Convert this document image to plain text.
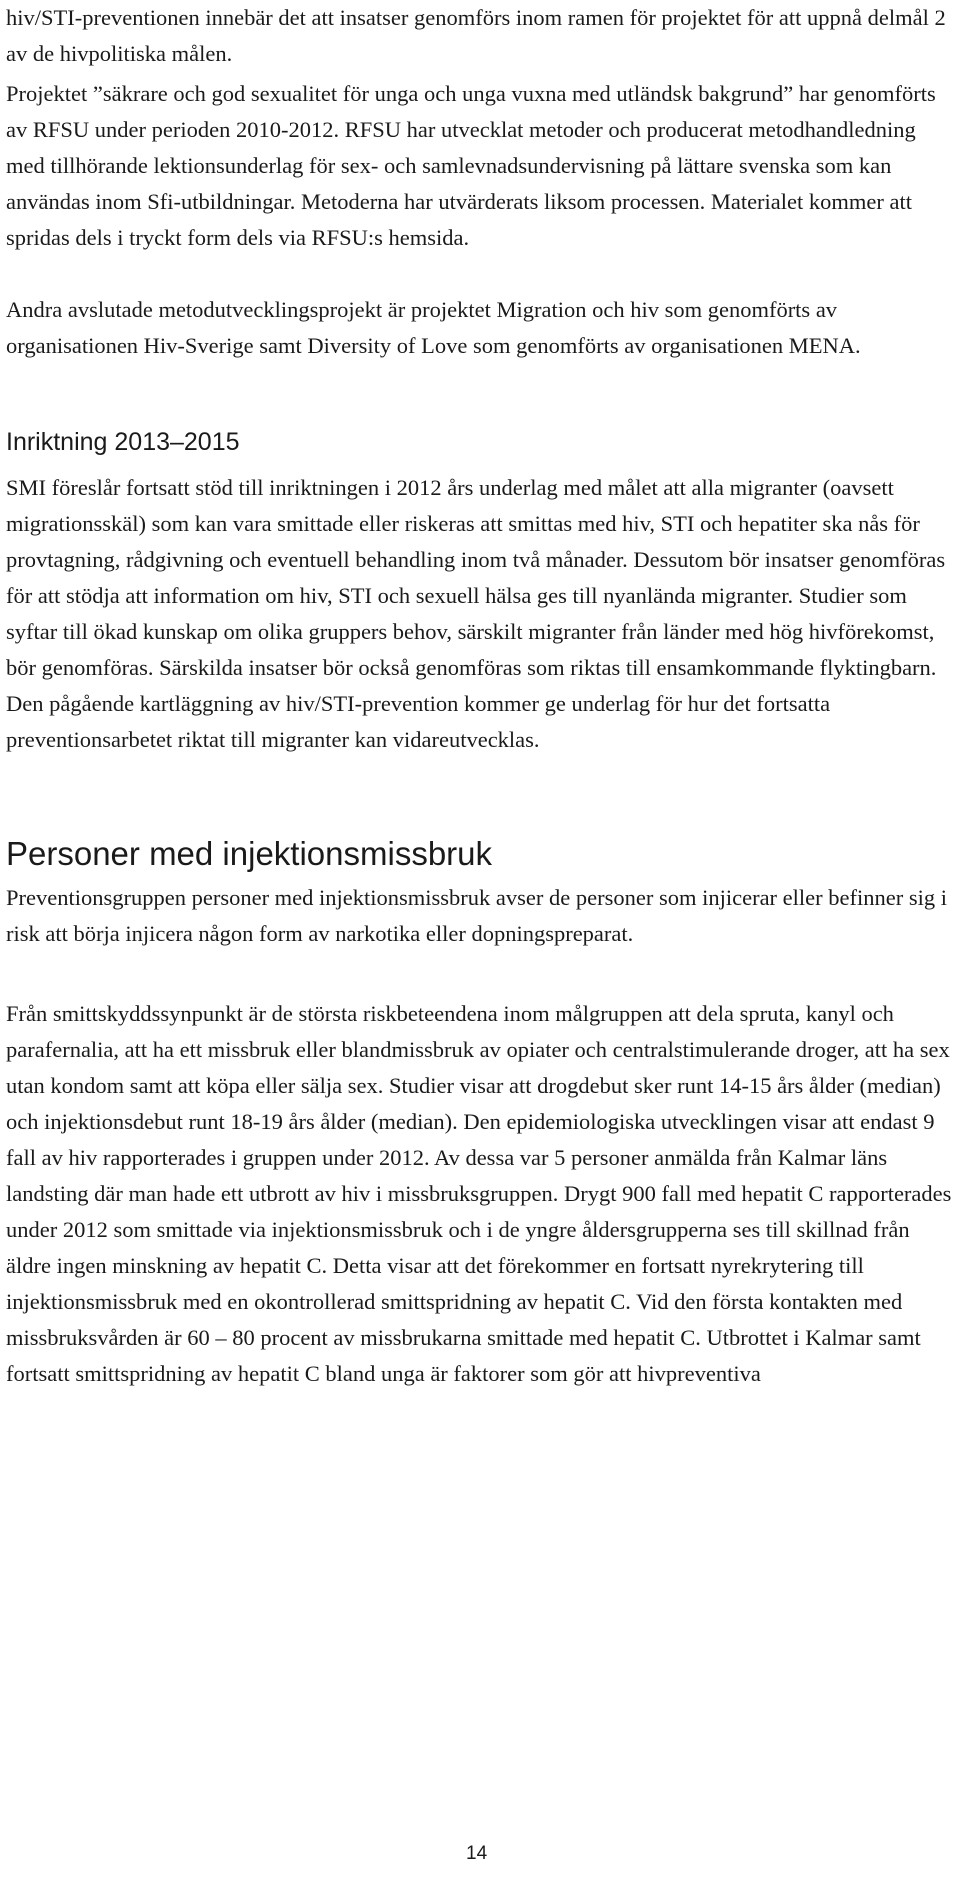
hiv/STI-preventionen innebär det att insatser genomförs inom ramen för projektet för att uppnå delmål 2 av de hivpolitiska målen.

Projektet ”säkrare och god sexualitet för unga och unga vuxna med utländsk bakgrund” har genomförts av RFSU under perioden 2010-2012. RFSU har utvecklat metoder och producerat metodhandledning med tillhörande lektionsunderlag för sex- och samlevnadsundervisning på lättare svenska som kan användas inom Sfi-utbildningar. Metoderna har utvärderats liksom processen. Materialet kommer att spridas dels i tryckt form dels via RFSU:s hemsida.

Andra avslutade metodutvecklingsprojekt är projektet Migration och hiv som genomförts av organisationen Hiv-Sverige samt Diversity of Love som genomförts av organisationen MENA.

Inriktning 2013–2015

SMI föreslår fortsatt stöd till inriktningen i 2012 års underlag med målet att alla migranter (oavsett migrationsskäl) som kan vara smittade eller riskeras att smittas med hiv, STI och hepatiter ska nås för provtagning, rådgivning och eventuell behandling inom två månader. Dessutom bör insatser genomföras för att stödja att information om hiv, STI och sexuell hälsa ges till nyanlända migranter. Studier som syftar till ökad kunskap om olika gruppers behov, särskilt migranter från länder med hög hivförekomst, bör genomföras. Särskilda insatser bör också genomföras som riktas till ensamkommande flyktingbarn. Den pågående kartläggning av hiv/STI-prevention kommer ge underlag för hur det fortsatta preventionsarbetet riktat till migranter kan vidareutvecklas.

Personer med injektionsmissbruk

Preventionsgruppen personer med injektionsmissbruk avser de personer som injicerar eller befinner sig i risk att börja injicera någon form av narkotika eller dopningspreparat.

Från smittskyddssynpunkt är de största riskbeteendena inom målgruppen att dela spruta, kanyl och parafernalia, att ha ett missbruk eller blandmissbruk av opiater och centralstimulerande droger, att ha sex utan kondom samt att köpa eller sälja sex. Studier visar att drogdebut sker runt 14-15 års ålder (median) och injektionsdebut runt 18-19 års ålder (median). Den epidemiologiska utvecklingen visar att endast 9 fall av hiv rapporterades i gruppen under 2012. Av dessa var 5 personer anmälda från Kalmar läns landsting där man hade ett utbrott av hiv i missbruksgruppen. Drygt 900 fall med hepatit C rapporterades under 2012 som smittade via injektionsmissbruk och i de yngre åldersgrupperna ses till skillnad från äldre ingen minskning av hepatit C. Detta visar att det förekommer en fortsatt nyrekrytering till injektionsmissbruk med en okontrollerad smittspridning av hepatit C. Vid den första kontakten med missbruksvården är 60 – 80 procent av missbrukarna smittade med hepatit C. Utbrottet i Kalmar samt fortsatt smittspridning av hepatit C bland unga är faktorer som gör att hivpreventiva

14
